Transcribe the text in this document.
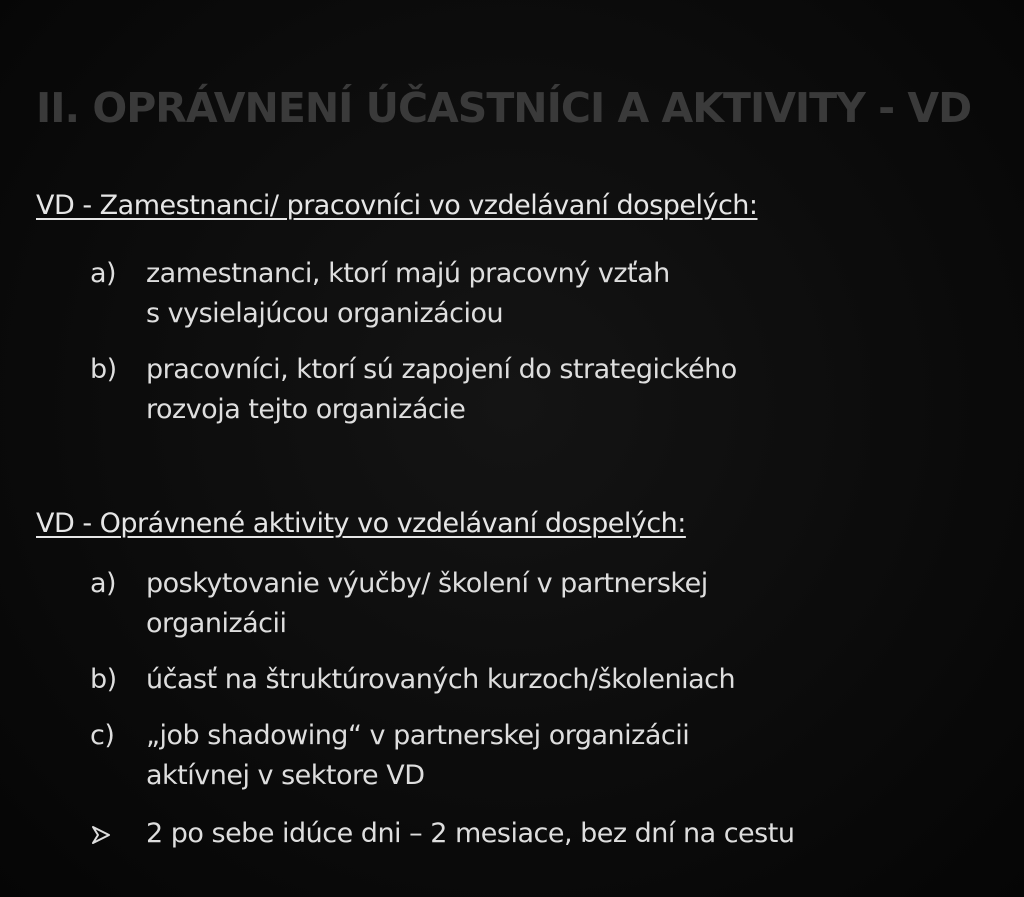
II. OPRÁVNENÍ ÚČASTNÍCI A AKTIVITY - VD
VD - Zamestnanci/ pracovníci vo vzdelávaní dospelých:
a) zamestnanci, ktorí majú pracovný vzťah
s vysielajúcou organizáciou
b) pracovníci, ktorí sú zapojení do strategického
rozvoja tejto organizácie
VD - Oprávnené aktivity vo vzdelávaní dospelých:
a) poskytovanie výučby/ školení v partnerskej
organizácii
b) účasť na štruktúrovaných kurzoch/školeniach
c) „job shadowing“ v partnerskej organizácii
aktívnej v sektore VD
2 po sebe idúce dni – 2 mesiace, bez dní na cestu
